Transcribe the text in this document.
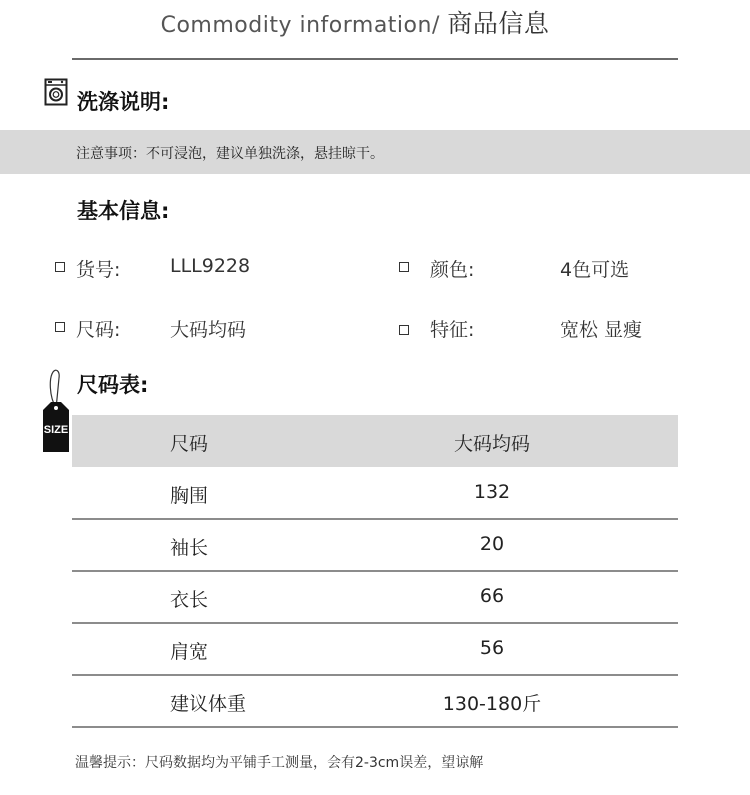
Commodity information/ 商品信息
洗涤说明:
注意事项：不可浸泡，建议单独洗涤，悬挂晾干。
基本信息:
货号:	LLL9228	颜色:	4色可选
尺码:	大码均码	特征:	宽松 显瘦
SIZE
尺码表:
尺码	大码均码
胸围	132
袖长	20
衣长	66
肩宽	56
建议体重	130-180斤
温馨提示：尺码数据均为平铺手工测量，会有2-3cm误差，望谅解
